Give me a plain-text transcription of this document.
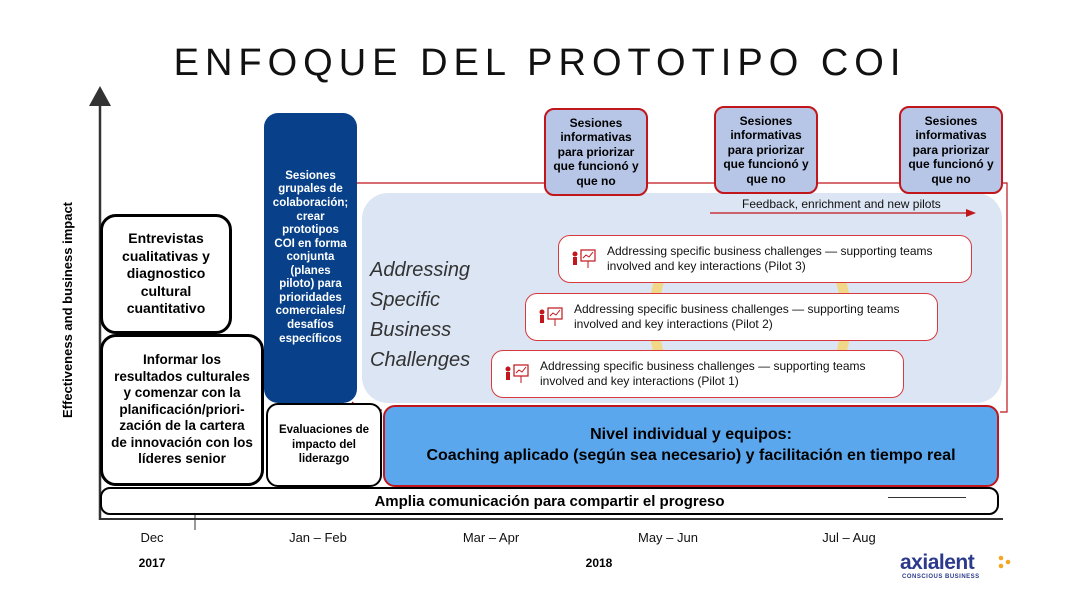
ENFOQUE DEL PROTOTIPO COI
Effectiveness and business impact	Feedback, enrichment and new pilots
Addressing
Specific
Business
Challenges
Addressing specific business challenges — supporting teams involved and key interactions (Pilot 3)
Addressing specific business challenges — supporting teams involved and key interactions (Pilot 2)
Addressing specific business challenges — supporting teams involved and key interactions (Pilot 1)
Sesiones informativas para priorizar que funcionó y que no
Sesiones informativas para priorizar que funcionó y que no
Sesiones informativas para priorizar que funcionó y que no
Entrevistas cualitativas y diagnostico cultural cuantitativo
Informar los resultados culturales y comenzar con la planificación/priori-zación de la cartera de innovación con los líderes senior
Sesiones grupales de colaboración; crear prototipos COI en forma conjunta (planes piloto) para prioridades comerciales/ desafíos específicos
Evaluaciones de impacto del liderazgo
Nivel individual y equipos:
Coaching aplicado (según sea necesario) y facilitación en tiempo real
Amplia comunicación para compartir el progreso
Dec	Jan – Feb	Mar – Apr	May – Jun	Jul – Aug
2017	2018	axialent
CONSCIOUS BUSINESS
